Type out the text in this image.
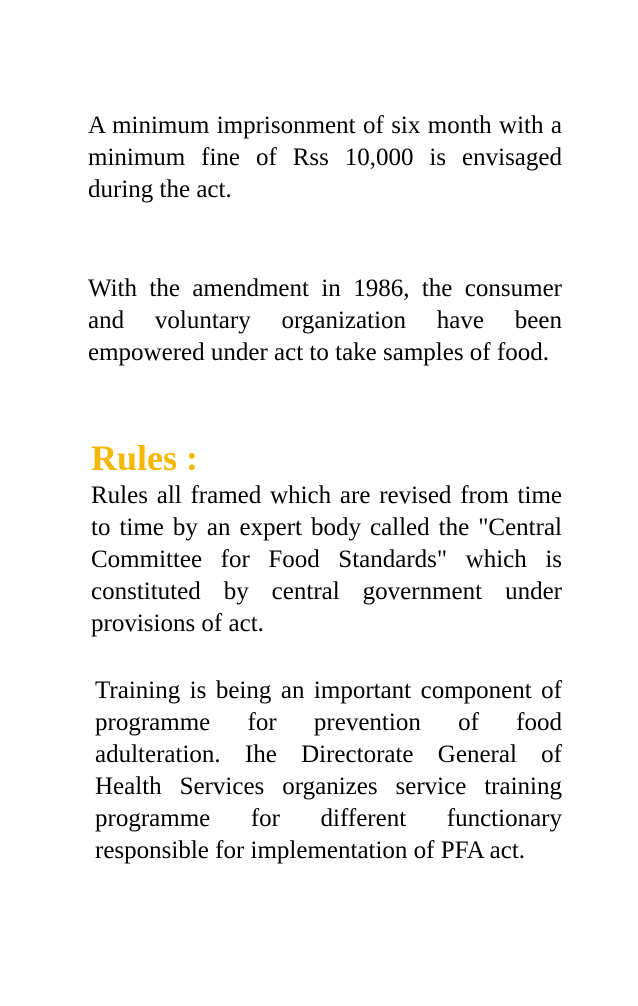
A minimum imprisonment of six month with a minimum fine of Rss 10,000 is envisaged during the act.

With the amendment in 1986, the consumer and voluntary organization have been empowered under act to take samples of food.

Rules :

Rules all framed which are revised from time to time by an expert body called the "Central Committee for Food Standards" which is constituted by central government under provisions of act.

Training is being an important component of programme for prevention of food adulteration. Ihe Directorate General of Health Services organizes service training programme for different functionary responsible for implementation of PFA act.
